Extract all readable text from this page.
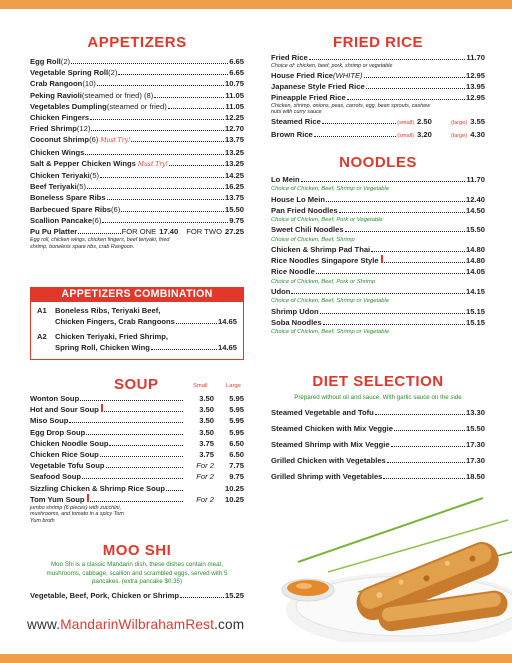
APPETIZERS
Egg Roll (2)	6.65
Vegetable Spring Roll (2)	6.65
Crab Rangoon (10)	10.75
Peking Ravioli (steamed or fried) (8)	11.05
Vegetables Dumpling (steamed or fried)	11.05
Chicken Fingers	12.25
Fried Shrimp (12)	12.70
Coconut Shrimp (6) Must Try!	13.75
Chicken Wings	13.25
Salt & Pepper Chicken Wings Must Try!	13.25
Chicken Teriyaki (5)	14.25
Beef Teriyaki (5)	16.25
Boneless Spare Ribs	13.75
Barbecued Spare Ribs (6)	15.50
Scallion Pancake (6)	9.75
Pu Pu Platter	FOR ONE 17.40 FOR TWO 27.25
Egg roll, chicken wings, chicken fingers, beef teriyaki, fried shrimp, boneless spare ribs, crab Rangoon.
APPETIZERS COMBINATION
A1	Boneless Ribs, Teriyaki Beef,
Chicken Fingers, Crab Rangoons	14.65
A2	Chicken Teriyaki, Fried Shrimp,
Spring Roll, Chicken Wing	14.65
SOUP	Small	Large
Wonton Soup	3.50	5.95
Hot and Sour Soup	3.50	5.95
Miso Soup	3.50	5.95
Egg Drop Soup	3.50	5.95
Chicken Noodle Soup	3.75	6.50
Chicken Rice Soup	3.75	6.50
Vegetable Tofu Soup	For 2	7.75
Seafood Soup	For 2	9.75
Sizzling Chicken & Shrimp Rice Soup	10.25
Tom Yum Soup	For 2	10.25
jumbo shrimp (6 pieces) with zucchini, mushrooms, and tomato in a spicy Tom Yum broth
MOO SHI
Moo Shi is a classic Mandarin dish, these dishes contain meat, mushrooms, cabbage, scallion and scrambled eggs, served with 5 pancakes. (extra pancake $0.35)
Vegetable, Beef, Pork, Chicken or Shrimp	15.25
FRIED RICE
Fried Rice	11.70
Choice of: chicken, beef, pork, shrimp or vegetable
House Fried Rice (WHITE)	12.95
Japanese Style Fried Rice	13.95
Pineapple Fried Rice	12.95
Chicken, shrimp, onions, peas, carrots, egg, bean sprouts, cashew nuts with curry sauce
Steamed Rice	(small) 2.50	(large) 3.55
Brown Rice	(small) 3.20	(large) 4.30
NOODLES
Lo Mein	11.70
Choice of Chicken, Beef, Shrimp or Vegetable
House Lo Mein	12.40
Pan Fried Noodles	14.50
Choice of Chicken, Beef, Pork or Vegetable
Sweet Chili Noodles	15.50
Choice of Chicken, Beef, Shrimp
Chicken & Shrimp Pad Thai	14.80
Rice Noodles Singapore Style	14.80
Rice Noodle	14.05
Choice of Chicken, Beef, Pork or Shrimp
Udon	14.15
Choice of Chicken, Beef, Shrimp or Vegetable
Shrimp Udon	15.15
Soba Noodles	15.15
Choice of Chicken, Beef, Shrimp or Vegetable
DIET SELECTION
Prepared without oil and sauce. With garlic sauce on the side
Steamed Vegetable and Tofu	13.30
Steamed Chicken with Mix Veggie	15.50
Steamed Shrimp with Mix Veggie	17.30
Grilled Chicken with Vegetables	17.30
Grilled Shrimp with Vegetables	18.50
www.MandarinWilbrahamRest.com
